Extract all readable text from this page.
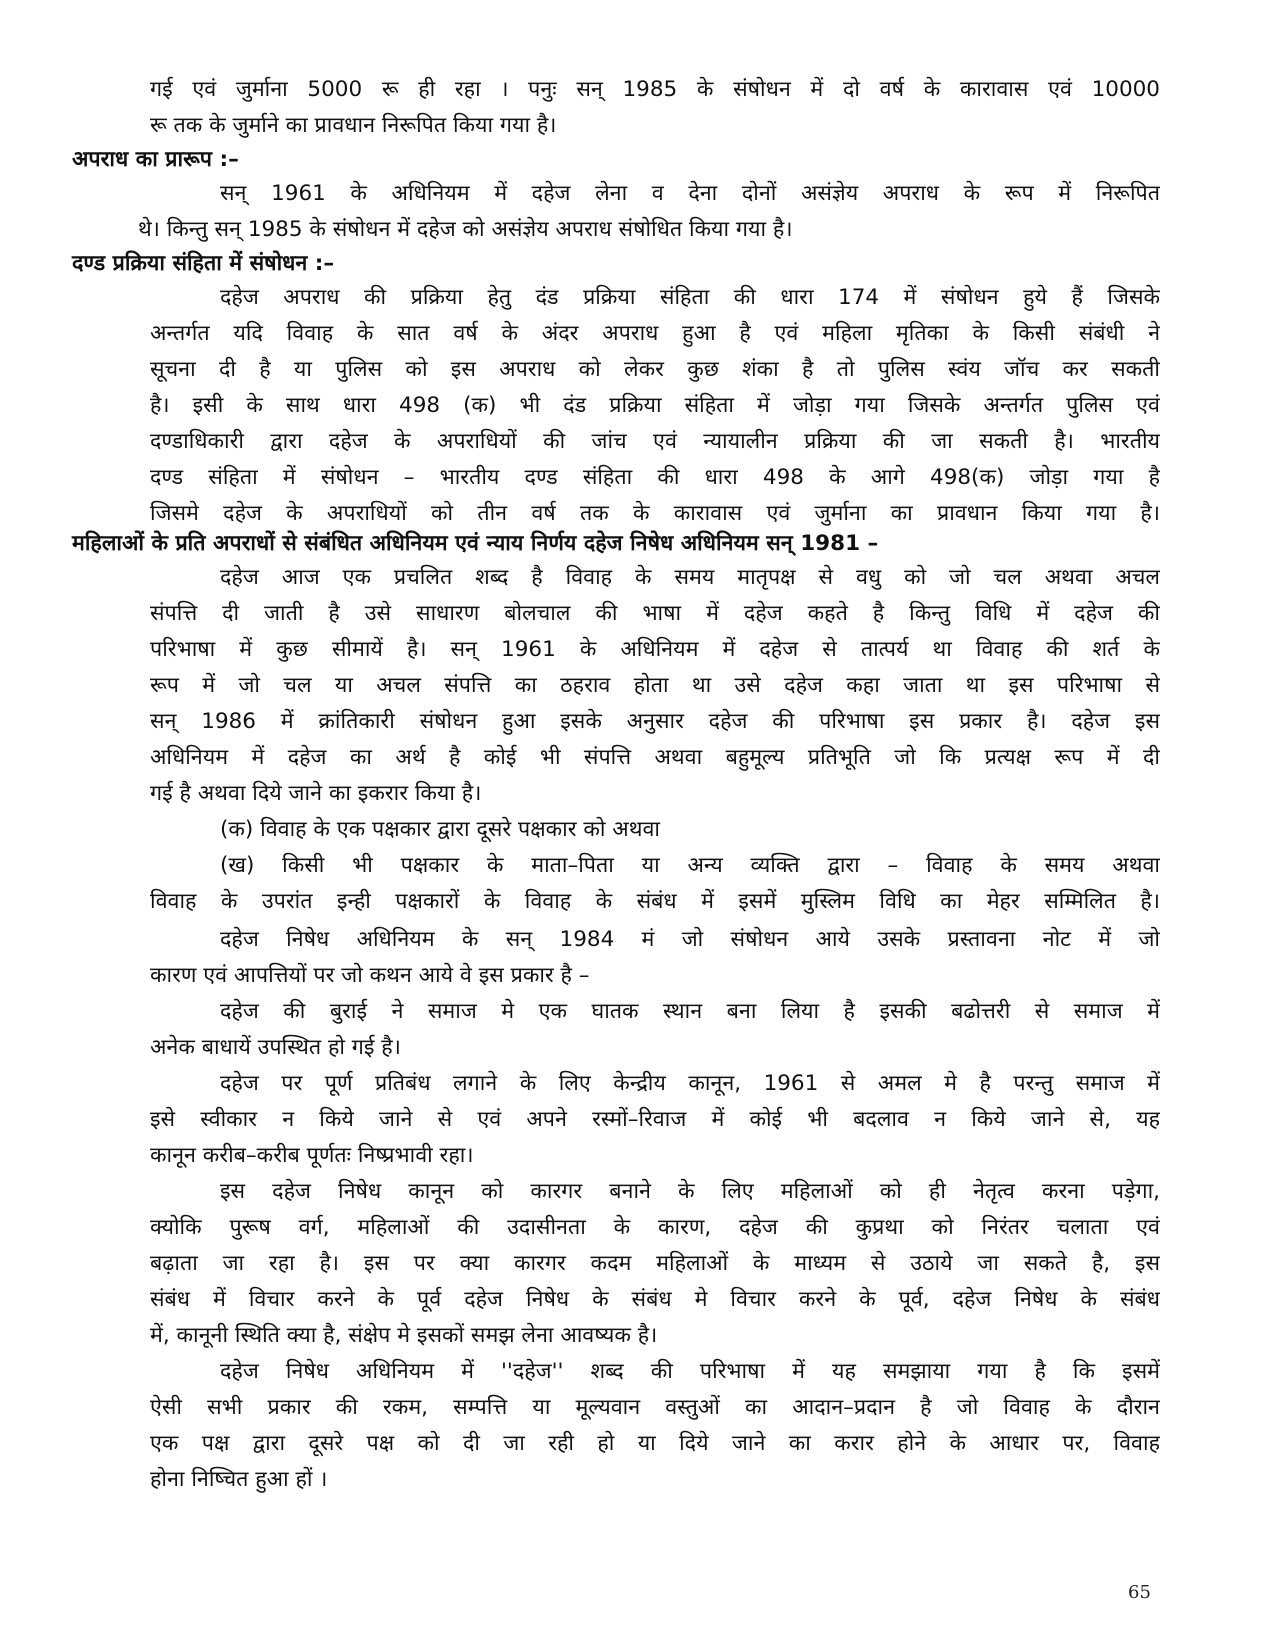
गई एवं जुर्माना 5000 रू ही रहा । पनुः सन् 1985 के संषोधन में दो वर्ष के कारावास एवं 10000
रू तक के जुर्माने का प्रावधान निरूपित किया गया है।
अपराध का प्रारूप :–
सन् 1961 के अधिनियम में दहेज लेना व देना दोनों असंज्ञेय अपराध के रूप में निरूपित
थे। किन्तु सन् 1985 के संषोधन में दहेज को असंज्ञेय अपराध संषोधित किया गया है।
दण्ड प्रक्रिया संहिता में संषोधन :–
दहेज अपराध की प्रक्रिया हेतु दंड प्रक्रिया संहिता की धारा 174 में संषोधन हुये हैं जिसके
अन्तर्गत यदि विवाह के सात वर्ष के अंदर अपराध हुआ है एवं महिला मृतिका के किसी संबंधी ने
सूचना दी है या पुलिस को इस अपराध को लेकर कुछ शंका है तो पुलिस स्वंय जॉच कर सकती
है। इसी के साथ धारा 498 (क) भी दंड प्रक्रिया संहिता में जोड़ा गया जिसके अन्तर्गत पुलिस एवं
दण्डाधिकारी द्वारा दहेज के अपराधियों की जांच एवं न्यायालीन प्रक्रिया की जा सकती है। भारतीय
दण्ड संहिता में संषोधन – भारतीय दण्ड संहिता की धारा 498 के आगे 498(क) जोड़ा गया है
जिसमे दहेज के अपराधियों को तीन वर्ष तक के कारावास एवं जुर्माना का प्रावधान किया गया है।
महिलाओं के प्रति अपराधों से संबंधित अधिनियम एवं न्याय निर्णय दहेज निषेध अधिनियम सन् 1981 –
दहेज आज एक प्रचलित शब्द है विवाह के समय मातृपक्ष से वधु को जो चल अथवा अचल
संपत्ति दी जाती है उसे साधारण बोलचाल की भाषा में दहेज कहते है किन्तु विधि में दहेज की
परिभाषा में कुछ सीमायें है। सन् 1961 के अधिनियम में दहेज से तात्पर्य था विवाह की शर्त के
रूप में जो चल या अचल संपत्ति का ठहराव होता था उसे दहेज कहा जाता था इस परिभाषा से
सन् 1986 में क्रांतिकारी संषोधन हुआ इसके अनुसार दहेज की परिभाषा इस प्रकार है। दहेज इस
अधिनियम में दहेज का अर्थ है कोई भी संपत्ति अथवा बहुमूल्य प्रतिभूति जो कि प्रत्यक्ष रूप में दी
गई है अथवा दिये जाने का इकरार किया है।
(क) विवाह के एक पक्षकार द्वारा दूसरे पक्षकार को अथवा
(ख) किसी भी पक्षकार के माता–पिता या अन्य व्यक्ति द्वारा – विवाह के समय अथवा
विवाह के उपरांत इन्ही पक्षकारों के विवाह के संबंध में इसमें मुस्लिम विधि का मेहर सम्मिलित है।
दहेज निषेध अधिनियम के सन् 1984 मं जो संषोधन आये उसके प्रस्तावना नोट में जो
कारण एवं आपत्तियों पर जो कथन आये वे इस प्रकार है –
दहेज की बुराई ने समाज मे एक घातक स्थान बना लिया है इसकी बढोत्तरी से समाज में
अनेक बाधायें उपस्थित हो गई है।
दहेज पर पूर्ण प्रतिबंध लगाने के लिए केन्द्रीय कानून, 1961 से अमल मे है परन्तु समाज में
इसे स्वीकार न किये जाने से एवं अपने रस्मों–रिवाज में कोई भी बदलाव न किये जाने से, यह
कानून करीब–करीब पूर्णतः निष्प्रभावी रहा।
इस दहेज निषेध कानून को कारगर बनाने के लिए महिलाओं को ही नेतृत्व करना पड़ेगा,
क्योकि पुरूष वर्ग, महिलाओं की उदासीनता के कारण, दहेज की कुप्रथा को निरंतर चलाता एवं
बढ़ाता जा रहा है। इस पर क्या कारगर कदम महिलाओं के माध्यम से उठाये जा सकते है, इस
संबंध में विचार करने के पूर्व दहेज निषेध के संबंध मे विचार करने के पूर्व, दहेज निषेध के संबंध
में, कानूनी स्थिति क्या है, संक्षेप मे इसकों समझ लेना आवष्यक है।
दहेज निषेध अधिनियम में ''दहेज'' शब्द की परिभाषा में यह समझाया गया है कि इसमें
ऐसी सभी प्रकार की रकम, सम्पत्ति या मूल्यवान वस्तुओं का आदान–प्रदान है जो विवाह के दौरान
एक पक्ष द्वारा दूसरे पक्ष को दी जा रही हो या दिये जाने का करार होने के आधार पर, विवाह
होना निष्चित हुआ हों ।
65
